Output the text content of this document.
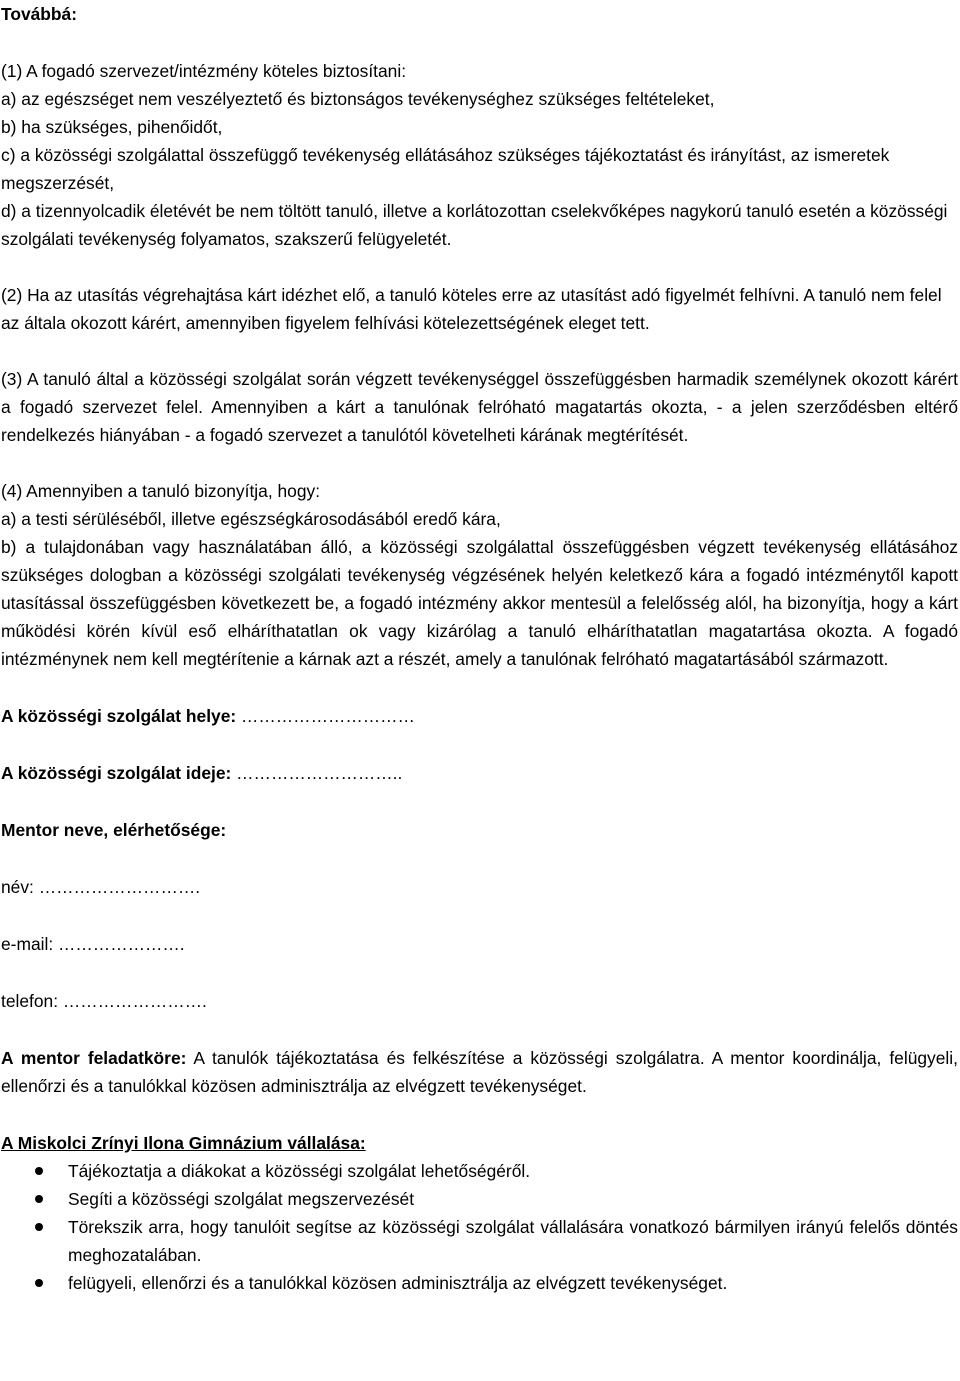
Továbbá:

(1) A fogadó szervezet/intézmény köteles biztosítani:

a) az egészséget nem veszélyeztető és biztonságos tevékenységhez szükséges feltételeket,

b) ha szükséges, pihenőidőt,

c) a közösségi szolgálattal összefüggő tevékenység ellátásához szükséges tájékoztatást és irányítást, az ismeretek megszerzését,

d) a tizennyolcadik életévét be nem töltött tanuló, illetve a korlátozottan cselekvőképes nagykorú tanuló esetén a közösségi szolgálati tevékenység folyamatos, szakszerű felügyeletét.

(2) Ha az utasítás végrehajtása kárt idézhet elő, a tanuló köteles erre az utasítást adó figyelmét felhívni. A tanuló nem felel az általa okozott kárért, amennyiben figyelem felhívási kötelezettségének eleget tett.

(3) A tanuló által a közösségi szolgálat során végzett tevékenységgel összefüggésben harmadik személynek okozott kárért a fogadó szervezet felel. Amennyiben a kárt a tanulónak felróható magatartás okozta, - a jelen szerződésben eltérő rendelkezés hiányában - a fogadó szervezet a tanulótól követelheti kárának megtérítését.

(4) Amennyiben a tanuló bizonyítja, hogy:

a) a testi sérüléséből, illetve egészségkárosodásából eredő kára,

b) a tulajdonában vagy használatában álló, a közösségi szolgálattal összefüggésben végzett tevékenység ellátásához szükséges dologban a közösségi szolgálati tevékenység végzésének helyén keletkező kára a fogadó intézménytől kapott utasítással összefüggésben következett be, a fogadó intézmény akkor mentesül a felelősség alól, ha bizonyítja, hogy a kárt működési körén kívül eső elháríthatatlan ok vagy kizárólag a tanuló elháríthatatlan magatartása okozta. A fogadó intézménynek nem kell megtérítenie a kárnak azt a részét, amely a tanulónak felróható magatartásából származott.

A közösségi szolgálat helye: …………………………

A közösségi szolgálat ideje: ………………………..

Mentor neve, elérhetősége:

név: ……………………….

e-mail: ………………….

telefon: …………………….

A mentor feladatköre: A tanulók tájékoztatása és felkészítése a közösségi szolgálatra. A mentor koordinálja, felügyeli, ellenőrzi és a tanulókkal közösen adminisztrálja az elvégzett tevékenységet.

A Miskolci Zrínyi Ilona Gimnázium vállalása:

Tájékoztatja a diákokat a közösségi szolgálat lehetőségéről.
Segíti a közösségi szolgálat megszervezését
Törekszik arra, hogy tanulóit segítse az közösségi szolgálat vállalására vonatkozó bármilyen irányú felelős döntés meghozatalában.
felügyeli, ellenőrzi és a tanulókkal közösen adminisztrálja az elvégzett tevékenységet.
